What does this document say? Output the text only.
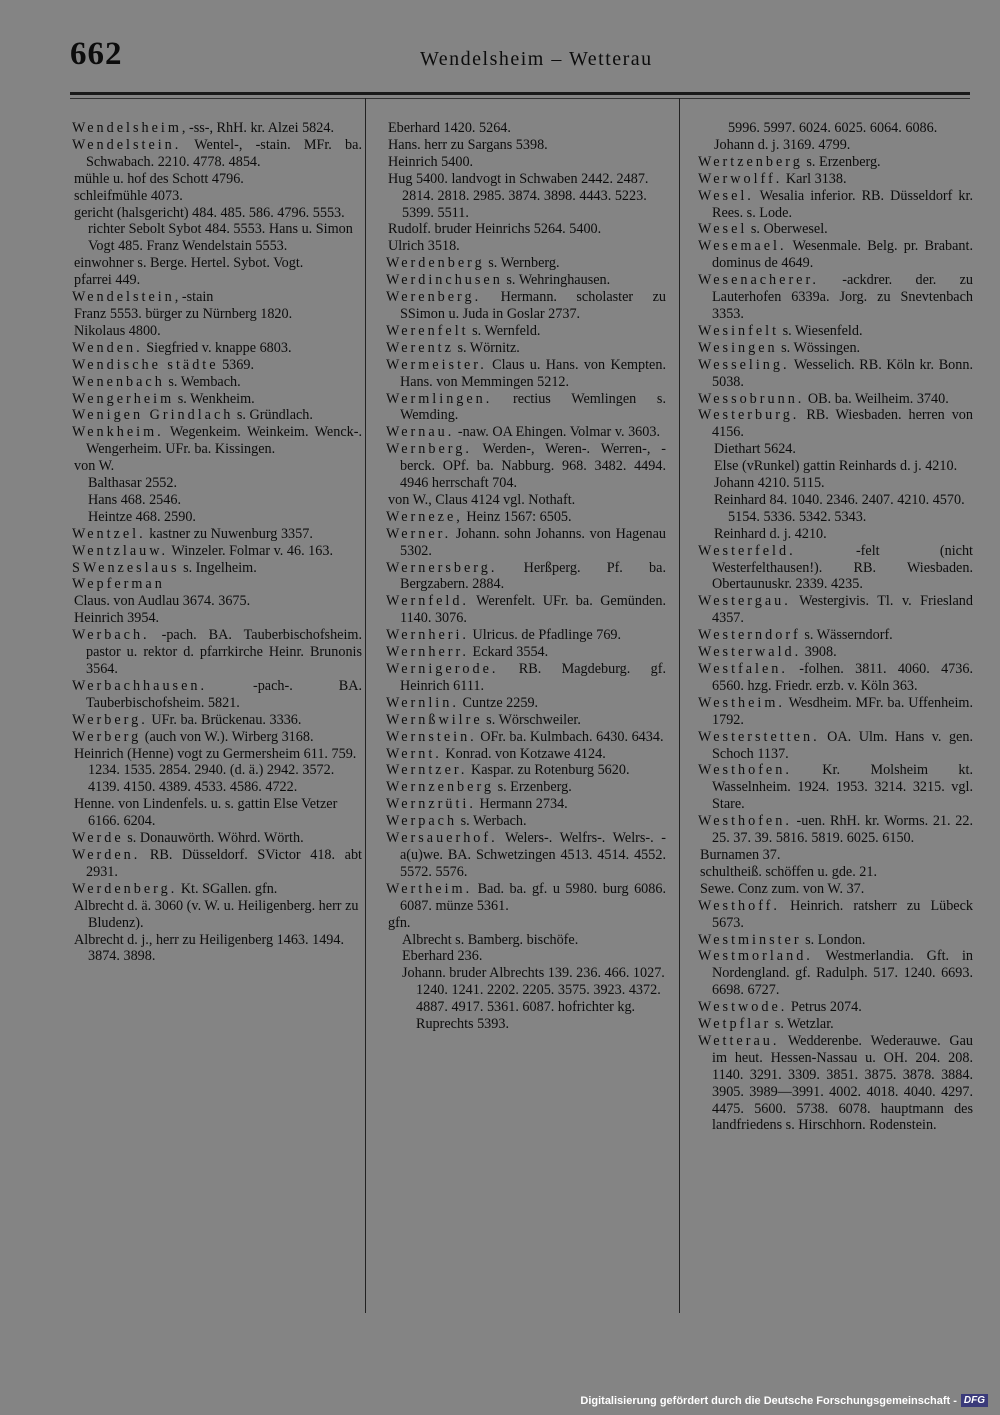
662	Wendelsheim – Wetterau
Wendelsheim, -ss-, RhH. kr. Alzei 5824.
Wendelstein. Wentel-, -stain. MFr. ba. Schwabach. 2210. 4778. 4854.
mühle u. hof des Schott 4796.
schleifmühle 4073.
gericht (halsgericht) 484. 485. 586. 4796. 5553. richter Sebolt Sybot 484. 5553. Hans u. Simon Vogt 485. Franz Wendelstain 5553.
einwohner s. Berge. Hertel. Sybot. Vogt.
pfarrei 449.
Wendelstein, -stain
Franz 5553. bürger zu Nürnberg 1820.
Nikolaus 4800.
Wenden. Siegfried v. knappe 6803.
Wendische städte 5369.
Wenenbach s. Wembach.
Wengerheim s. Wenkheim.
Wenigen Grindlach s. Gründlach.
Wenkheim. Wegenkeim. Weinkeim. Wenck-. Wengerheim. UFr. ba. Kissingen.
von W.
Balthasar 2552.
Hans 468. 2546.
Heintze 468. 2590.
Wentzel. kastner zu Nuwenburg 3357.
Wentzlauw. Winzeler. Folmar v. 46. 163.
SWenzeslaus s. Ingelheim.
Wepferman
Claus. von Audlau 3674. 3675.
Heinrich 3954.
Werbach. -pach. BA. Tauberbischofsheim. pastor u. rektor d. pfarrkirche Heinr. Brunonis 3564.
Werbachhausen. -pach-. BA. Tauberbischofsheim. 5821.
Werberg. UFr. ba. Brückenau. 3336.
Werberg (auch von W.). Wirberg 3168.
Heinrich (Henne) vogt zu Germersheim 611. 759. 1234. 1535. 2854. 2940. (d. ä.) 2942. 3572. 4139. 4150. 4389. 4533. 4586. 4722.
Henne. von Lindenfels. u. s. gattin Else Vetzer 6166. 6204.
Werde s. Donauwörth. Wöhrd. Wörth.
Werden. RB. Düsseldorf. SVictor 418. abt 2931.
Werdenberg. Kt. SGallen. gfn.
Albrecht d. ä. 3060 (v. W. u. Heiligenberg. herr zu Bludenz).
Albrecht d. j., herr zu Heiligenberg 1463. 1494. 3874. 3898.
Eberhard 1420. 5264.
Hans. herr zu Sargans 5398.
Heinrich 5400.
Hug 5400. landvogt in Schwaben 2442. 2487. 2814. 2818. 2985. 3874. 3898. 4443. 5223. 5399. 5511.
Rudolf. bruder Heinrichs 5264. 5400.
Ulrich 3518.
Werdenberg s. Wernberg.
Werdinchusen s. Wehringhausen.
Werenberg. Hermann. scholaster zu SSimon u. Juda in Goslar 2737.
Werenfelt s. Wernfeld.
Werentz s. Wörnitz.
Wermeister. Claus u. Hans. von Kempten. Hans. von Memmingen 5212.
Wermlingen. rectius Wemlingen s. Wemding.
Wernau. -naw. OA Ehingen. Volmar v. 3603.
Wernberg. Werden-, Weren-. Werren-, -berck. OPf. ba. Nabburg. 968. 3482. 4494. 4946 herrschaft 704.
von W., Claus 4124 vgl. Nothaft.
Werneze, Heinz 1567: 6505.
Werner. Johann. sohn Johanns. von Hagenau 5302.
Wernersberg. Herßperg. Pf. ba. Bergzabern. 2884.
Wernfeld. Werenfelt. UFr. ba. Gemünden. 1140. 3076.
Wernheri. Ulricus. de Pfadlinge 769.
Wernherr. Eckard 3554.
Wernigerode. RB. Magdeburg. gf. Heinrich 6111.
Wernlin. Cuntze 2259.
Wernßwilre s. Wörschweiler.
Wernstein. OFr. ba. Kulmbach. 6430. 6434.
Wernt. Konrad. von Kotzawe 4124.
Werntzer. Kaspar. zu Rotenburg 5620.
Wernzenberg s. Erzenberg.
Wernzrüti. Hermann 2734.
Werpach s. Werbach.
Wersauerhof. Welers-. Welfrs-. Welrs-. -a(u)we. BA. Schwetzingen 4513. 4514. 4552. 5572. 5576.
Wertheim. Bad. ba. gf. u 5980. burg 6086. 6087. münze 5361.
gfn.
Albrecht s. Bamberg. bischöfe.
Eberhard 236.
Johann. bruder Albrechts 139. 236. 466. 1027. 1240. 1241. 2202. 2205. 3575. 3923. 4372. 4887. 4917. 5361. 6087. hofrichter kg. Ruprechts 5393.
5996. 5997. 6024. 6025. 6064. 6086.
Johann d. j. 3169. 4799.
Wertzenberg s. Erzenberg.
Werwolff. Karl 3138.
Wesel. Wesalia inferior. RB. Düsseldorf kr. Rees. s. Lode.
Wesel s. Oberwesel.
Wesemael. Wesenmale. Belg. pr. Brabant. dominus de 4649.
Wesenacherer. -ackdrer. der. zu Lauterhofen 6339a. Jorg. zu Snevtenbach 3353.
Wesinfelt s. Wiesenfeld.
Wesingen s. Wössingen.
Wesseling. Wesselich. RB. Köln kr. Bonn. 5038.
Wessobrunn. OB. ba. Weilheim. 3740.
Westerburg. RB. Wiesbaden. herren von 4156.
Diethart 5624.
Else (vRunkel) gattin Reinhards d. j. 4210.
Johann 4210. 5115.
Reinhard 84. 1040. 2346. 2407. 4210. 4570. 5154. 5336. 5342. 5343.
Reinhard d. j. 4210.
Westerfeld. -felt (nicht Westerfelthausen!). RB. Wiesbaden. Obertaunuskr. 2339. 4235.
Westergau. Westergivis. Tl. v. Friesland 4357.
Westerndorf s. Wässerndorf.
Westerwald. 3908.
Westfalen. -folhen. 3811. 4060. 4736. 6560. hzg. Friedr. erzb. v. Köln 363.
Westheim. Wesdheim. MFr. ba. Uffenheim. 1792.
Westerstetten. OA. Ulm. Hans v. gen. Schoch 1137.
Westhofen. Kr. Molsheim kt. Wasselnheim. 1924. 1953. 3214. 3215. vgl. Stare.
Westhofen. -uen. RhH. kr. Worms. 21. 22. 25. 37. 39. 5816. 5819. 6025. 6150.
Burnamen 37.
schultheiß. schöffen u. gde. 21.
Sewe. Conz zum. von W. 37.
Westhoff. Heinrich. ratsherr zu Lübeck 5673.
Westminster s. London.
Westmorland. Westmerlandia. Gft. in Nordengland. gf. Radulph. 517. 1240. 6693. 6698. 6727.
Westwode. Petrus 2074.
Wetpflar s. Wetzlar.
Wetterau. Wedderenbe. Wederauwe. Gau im heut. Hessen-Nassau u. OH. 204. 208. 1140. 3291. 3309. 3851. 3875. 3878. 3884. 3905. 3989—3991. 4002. 4018. 4040. 4297. 4475. 5600. 5738. 6078. hauptmann des landfriedens s. Hirschhorn. Rodenstein.
Digitalisierung gefördert durch die Deutsche Forschungsgemeinschaft - DFG
